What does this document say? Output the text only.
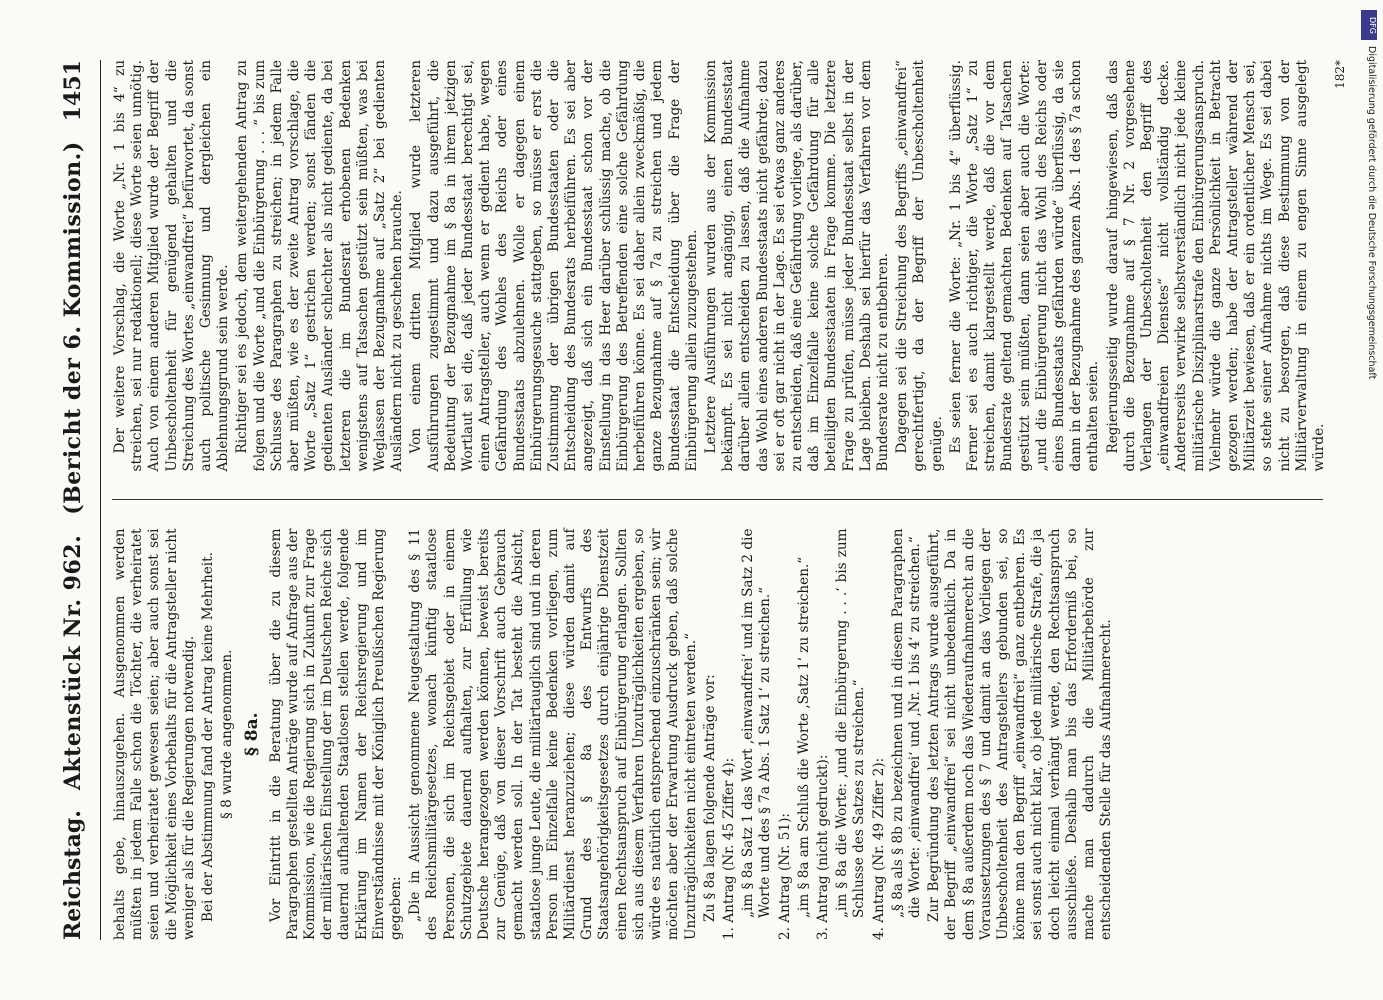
Reichstag.
Aktenstück Nr. 962.
(Bericht der 6. Kommission.)
1451

behalts gebe, hinauszugehen. Ausgenommen werden müßten in jedem Falle schon die Töchter, die verheiratet seien und verheiratet gewesen seien; aber auch sonst sei die Möglichkeit eines Vorbehalts für die Antragsteller nicht weniger als für die Regierungen notwendig. Bei der Abstimmung fand der Antrag keine Mehrheit. § 8 wurde angenommen. § 8a. Vor Eintritt in die Beratung über die zu diesem Paragraphen gestellten Anträge wurde auf Anfrage aus der Kommission, wie die Regierung sich in Zukunft zur Frage der militärischen Einstellung der im Deutschen Reiche sich dauernd aufhaltenden Staatlosen stellen werde, folgende Erklärung im Namen der Reichsregierung und im Einverständnisse mit der Königlich Preußischen Regierung gegeben: „Die in Aussicht genommene Neugestaltung des § 11 des Reichsmilitärgesetzes, wonach künftig staatlose Personen, die sich im Reichsgebiet oder in einem Schutzgebiete dauernd aufhalten, zur Erfüllung wie Deutsche herangezogen werden können, beweist bereits zur Genüge, daß von dieser Vorschrift auch Gebrauch gemacht werden soll. In der Tat besteht die Absicht, staatlose junge Leute, die militärtauglich sind und in deren Person im Einzelfalle keine Bedenken vorliegen, zum Militärdienst heranzuziehen; diese würden damit auf Grund des § 8a des Entwurfs des Staatsangehörigkeitsgesetzes durch einjährige Dienstzeit einen Rechtsanspruch auf Einbürgerung erlangen. Sollten sich aus diesem Verfahren Unzuträglichkeiten ergeben, so würde es natürlich entsprechend einzuschränken sein; wir möchten aber der Erwartung Ausdruck geben, daß solche Unzuträglichkeiten nicht eintreten werden.“ Zu § 8a lagen folgende Anträge vor: 1. Antrag (Nr. 45 Ziffer 4): „im § 8a Satz 1 das Wort ‚einwandfrei‘ und im Satz 2 die Worte und des § 7a Abs. 1 Satz 1‘ zu streichen.“ 2. Antrag (Nr. 51): „im § 8a am Schluß die Worte ‚Satz 1‘ zu streichen.“ 3. Antrag (nicht gedruckt): „im § 8a die Worte: ‚und die Einbürgerung . . .‘ bis zum Schlusse des Satzes zu streichen.“ 4. Antrag (Nr. 49 Ziffer 2): „§ 8a als § 8b zu bezeichnen und in diesem Paragraphen die Worte: ‚einwandfrei‘ und ‚Nr. 1 bis 4‘ zu streichen.“ Zur Begründung des letzten Antrags wurde ausgeführt, der Begriff „einwandfrei“ sei nicht unbedenklich. Da in dem § 8a außerdem noch das Wiederaufnahmerecht an die Voraussetzungen des § 7 und damit an das Vorliegen der Unbescholtenheit des Antragstellers gebunden sei, so könne man den Begriff „einwandfrei“ ganz entbehren. Es sei sonst auch nicht klar, ob jede militärische Strafe, die ja doch leicht einmal verhängt werde, den Rechtsanspruch ausschließe. Deshalb man bis das Erforderniß bei, so mache man dadurch die Militärbehörde zur entscheidenden Stelle für das Aufnahmerecht.

Der weitere Vorschlag, die Worte „Nr. 1 bis 4“ zu streichen, sei nur redaktionell; diese Worte seien unnötig. Auch von einem anderen Mitglied wurde der Begriff der Unbescholtenheit für genügend gehalten und die Streichung des Wortes „einwandfrei“ befürwortet, da sonst auch politische Gesinnung und dergleichen ein Ablehnungsgrund sein werde. Richtiger sei es jedoch, dem weitergehenden Antrag zu folgen und die Worte „und die Einbürgerung . . . “ bis zum Schlusse des Paragraphen zu streichen; in jedem Falle aber müßten, wie es der zweite Antrag vorschlage, die Worte „Satz 1“ gestrichen werden; sonst fänden die gedienten Ausländer schlechter als nicht gediente, da bei letzteren die im Bundesrat erhobenen Bedenken wenigstens auf Tatsachen gestützt sein müßten, was bei Weglassen der Bezugnahme auf „Satz 2“ bei gedienten Ausländern nicht zu geschehen brauche. Von einem dritten Mitglied wurde letzteren Ausführungen zugestimmt und dazu ausgeführt, die Bedeutung der Bezugnahme im § 8a in ihrem jetzigen Wortlaut sei die, daß jeder Bundesstaat berechtigt sei, einen Antragsteller, auch wenn er gedient habe, wegen Gefährdung des Wohles des Reichs oder eines Bundesstaats abzulehnen. Wolle er dagegen einem Einbürgerungsgesuche stattgeben, so müsse er erst die Zustimmung der übrigen Bundesstaaten oder die Entscheidung des Bundesrats herbeiführen. Es sei aber angezeigt, daß sich ein Bundesstaat schon vor der Einstellung in das Heer darüber schlüssig mache, ob die Einbürgerung des Betreffenden eine solche Gefährdung herbeiführen könne. Es sei daher allein zweckmäßig, die ganze Bezugnahme auf § 7a zu streichen und jedem Bundesstaat die Entscheidung über die Frage der Einbürgerung allein zuzugestehen. Letztere Ausführungen wurden aus der Kommission bekämpft. Es sei nicht angängig, einen Bundesstaat darüber allein entscheiden zu lassen, daß die Aufnahme das Wohl eines anderen Bundesstaats nicht gefährde; dazu sei er oft gar nicht in der Lage. Es sei etwas ganz anderes zu entscheiden, daß eine Gefährdung vorliege, als darüber, daß im Einzelfalle keine solche Gefährdung für alle beteiligten Bundesstaaten in Frage komme. Die letztere Frage zu prüfen, müsse jeder Bundesstaat selbst in der Lage bleiben. Deshalb sei hierfür das Verfahren vor dem Bundesrate nicht zu entbehren. Dagegen sei die Streichung des Begriffs „einwandfrei“ gerechtfertigt, da der Begriff der Unbescholtenheit genüge. Es seien ferner die Worte: „Nr. 1 bis 4“ überflüssig. Ferner sei es auch richtiger, die Worte „Satz 1“ zu streichen, damit klargestellt werde, daß die vor dem Bundesrate geltend gemachten Bedenken auf Tatsachen gestützt sein müßten, dann seien aber auch die Worte: „und die Einbürgerung nicht das Wohl des Reichs oder eines Bundesstaats gefährden würde“ überflüssig, da sie dann in der Bezugnahme des ganzen Abs. 1 des § 7a schon enthalten seien. Regierungsseitig wurde darauf hingewiesen, daß das durch die Bezugnahme auf § 7 Nr. 2 vorgesehene Verlangen der Unbescholtenheit den Begriff des „einwandfreien Dienstes“ nicht vollständig decke. Andererseits verwirke selbstverständlich nicht jede kleine militärische Disziplinarstrafe den Einbürgerungsanspruch. Vielmehr würde die ganze Persönlichkeit in Betracht gezogen werden; habe der Antragsteller während der Militärzeit bewiesen, daß er ein ordentlicher Mensch sei, so stehe seiner Aufnahme nichts im Wege. Es sei dabei nicht zu besorgen, daß diese Bestimmung von der Militärverwaltung in einem zu engen Sinne ausgelegt würde.

182*
DFG
Digitalisierung gefördert durch die Deutsche Forschungsgemeinschaft
